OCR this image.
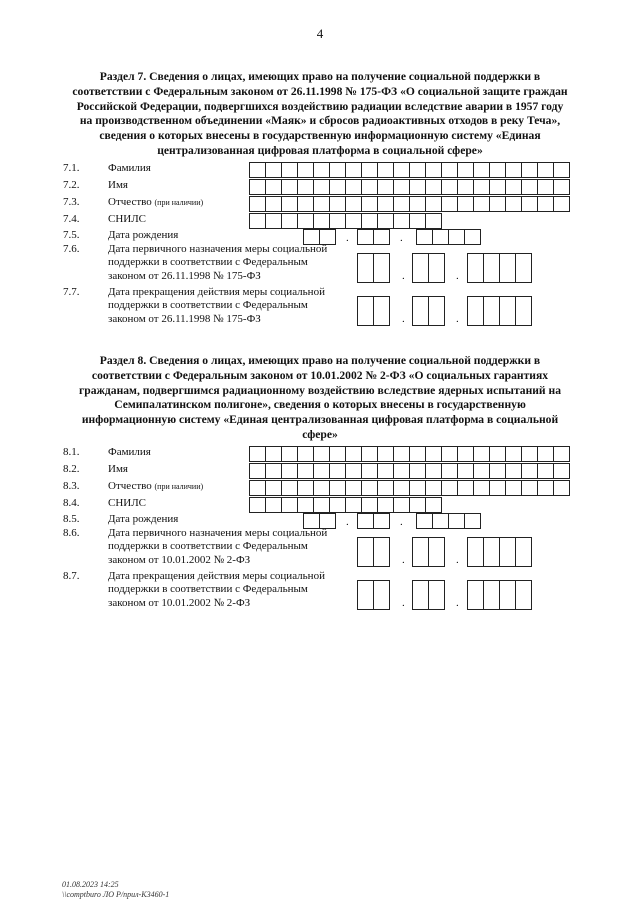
4

Раздел 7. Сведения о лицах, имеющих право на получение социальной поддержки в соответствии с Федеральным законом от 26.11.1998 № 175-ФЗ «О социальной защите граждан Российской Федерации, подвергшихся воздействию радиации вследствие аварии в 1957 году на производственном объединении «Маяк» и сбросов радиоактивных отходов в реку Теча», сведения о которых внесены в государственную информационную систему «Единая централизованная цифровая платформа в социальной сфере»

7.1.	Фамилия
7.2.	Имя
7.3.	Отчество (при наличии)
7.4.	СНИЛС
7.5.	Дата рождения	.	.
7.6.	Дата первичного назначения меры социальной поддержки в соответствии с Федеральным законом от 26.11.1998 № 175-ФЗ	.	.
7.7.	Дата прекращения действия меры социальной поддержки в соответствии с Федеральным законом от 26.11.1998 № 175-ФЗ	.	.

Раздел 8. Сведения о лицах, имеющих право на получение социальной поддержки в соответствии с Федеральным законом от 10.01.2002 № 2-ФЗ «О социальных гарантиях гражданам, подвергшимся радиационному воздействию вследствие ядерных испытаний на Семипалатинском полигоне», сведения о которых внесены в государственную информационную систему «Единая централизованная цифровая платформа в социальной сфере»

8.1.	Фамилия
8.2.	Имя
8.3.	Отчество (при наличии)
8.4.	СНИЛС
8.5.	Дата рождения	.	.
8.6.	Дата первичного назначения меры социальной поддержки в соответствии с Федеральным законом от 10.01.2002 № 2-ФЗ	.	.
8.7.	Дата прекращения действия меры социальной поддержки в соответствии с Федеральным законом от 10.01.2002 № 2-ФЗ	.	.
01.08.2023 14:25
\\comptburo ЛО Р/прил-К3460-1
